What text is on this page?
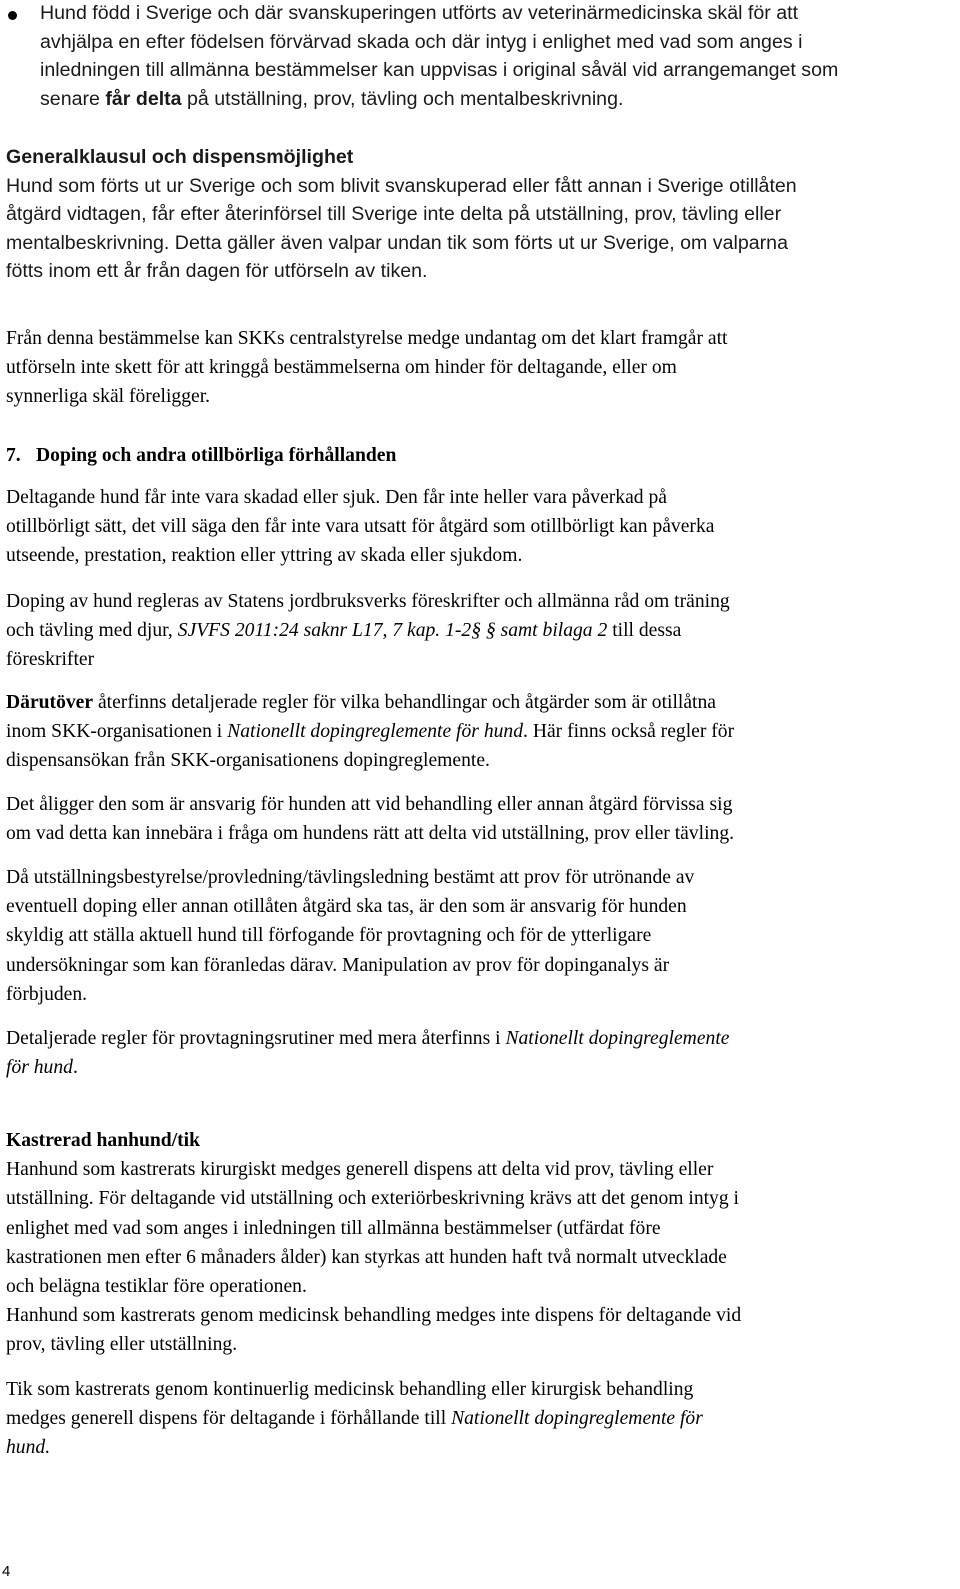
Hund född i Sverige och där svanskuperingen utförts av veterinärmedicinska skäl för att
avhjälpa en efter födelsen förvärvad skada och där intyg i enlighet med vad som anges i
inledningen till allmänna bestämmelser kan uppvisas i original såväl vid arrangemanget som
senare får delta på utställning, prov, tävling och mentalbeskrivning.
Generalklausul och dispensmöjlighet
Hund som förts ut ur Sverige och som blivit svanskuperad eller fått annan i Sverige otillåten
åtgärd vidtagen, får efter återinförsel till Sverige inte delta på utställning, prov, tävling eller
mentalbeskrivning. Detta gäller även valpar undan tik som förts ut ur Sverige, om valparna
fötts inom ett år från dagen för utförseln av tiken.
Från denna bestämmelse kan SKKs centralstyrelse medge undantag om det klart framgår att
utförseln inte skett för att kringgå bestämmelserna om hinder för deltagande, eller om
synnerliga skäl föreligger.
7. Doping och andra otillbörliga förhållanden
Deltagande hund får inte vara skadad eller sjuk. Den får inte heller vara påverkad på
otillbörligt sätt, det vill säga den får inte vara utsatt för åtgärd som otillbörligt kan påverka
utseende, prestation, reaktion eller yttring av skada eller sjukdom.
Doping av hund regleras av Statens jordbruksverks föreskrifter och allmänna råd om träning
och tävling med djur, SJVFS 2011:24 saknr L17, 7 kap. 1-2§ § samt bilaga 2 till dessa
föreskrifter
Därutöver återfinns detaljerade regler för vilka behandlingar och åtgärder som är otillåtna
inom SKK-organisationen i Nationellt dopingreglemente för hund. Här finns också regler för
dispensansökan från SKK-organisationens dopingreglemente.
Det åligger den som är ansvarig för hunden att vid behandling eller annan åtgärd förvissa sig
om vad detta kan innebära i fråga om hundens rätt att delta vid utställning, prov eller tävling.
Då utställningsbestyrelse/provledning/tävlingsledning bestämt att prov för utrönande av
eventuell doping eller annan otillåten åtgärd ska tas, är den som är ansvarig för hunden
skyldig att ställa aktuell hund till förfogande för provtagning och för de ytterligare
undersökningar som kan föranledas därav. Manipulation av prov för dopinganalys är
förbjuden.
Detaljerade regler för provtagningsrutiner med mera återfinns i Nationellt dopingreglemente
för hund.
Kastrerad hanhund/tik
Hanhund som kastrerats kirurgiskt medges generell dispens att delta vid prov, tävling eller
utställning. För deltagande vid utställning och exteriörbeskrivning krävs att det genom intyg i
enlighet med vad som anges i inledningen till allmänna bestämmelser (utfärdat före
kastrationen men efter 6 månaders ålder) kan styrkas att hunden haft två normalt utvecklade
och belägna testiklar före operationen.
Hanhund som kastrerats genom medicinsk behandling medges inte dispens för deltagande vid
prov, tävling eller utställning.
Tik som kastrerats genom kontinuerlig medicinsk behandling eller kirurgisk behandling
medges generell dispens för deltagande i förhållande till Nationellt dopingreglemente för
hund.
4
